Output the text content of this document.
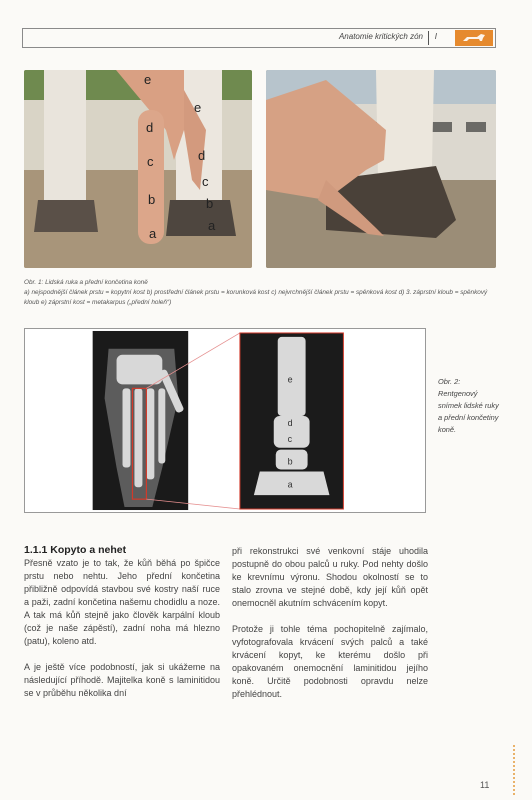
Anatomie kritických zón I
e
d
c
b
a
e
d
c
b
a
Obr. 1: Lidská ruka a přední končetina koně
a) nejspodnější článek prstu = kopytní kost b) prostřední článek prstu = korunková kost c) nejvrchnější článek prstu = spěnková kost d) 3. záprstní kloub = spěnkový kloub e) záprstní kost = metakarpus („přední holeň“)
e
d
c
b
a
Obr. 2: Rentgenový snímek lidské ruky a přední končetiny koně.
1.1.1 Kopyto a nehet

Přesně vzato je to tak, že kůň běhá po špičce prstu nebo nehtu. Jeho přední končetina přibližně odpovídá stavbou své kostry naší ruce a paži, zadní končetina našemu chodidlu a noze. A tak má kůň stejně jako člověk karpální kloub (což je naše zápěstí), zadní noha má hlezno (patu), koleno atd.

A je ještě více podobností, jak si ukážeme na následující příhodě. Majitelka koně s laminitidou se v průběhu několika dní

při rekonstrukci své venkovní stáje uhodila postupně do obou palců u ruky. Pod nehty došlo ke krevnímu výronu. Shodou okolností se to stalo zrovna ve stejné době, kdy její kůň opět onemocněl akutním schvácením kopyt.

Protože ji tohle téma pochopitelně zajímalo, vyfotografovala krvácení svých palců a také krvácení kopyt, ke kterému došlo při opakovaném onemocnění laminitidou jejího koně. Určitě podobnosti opravdu nelze přehlédnout.

11
